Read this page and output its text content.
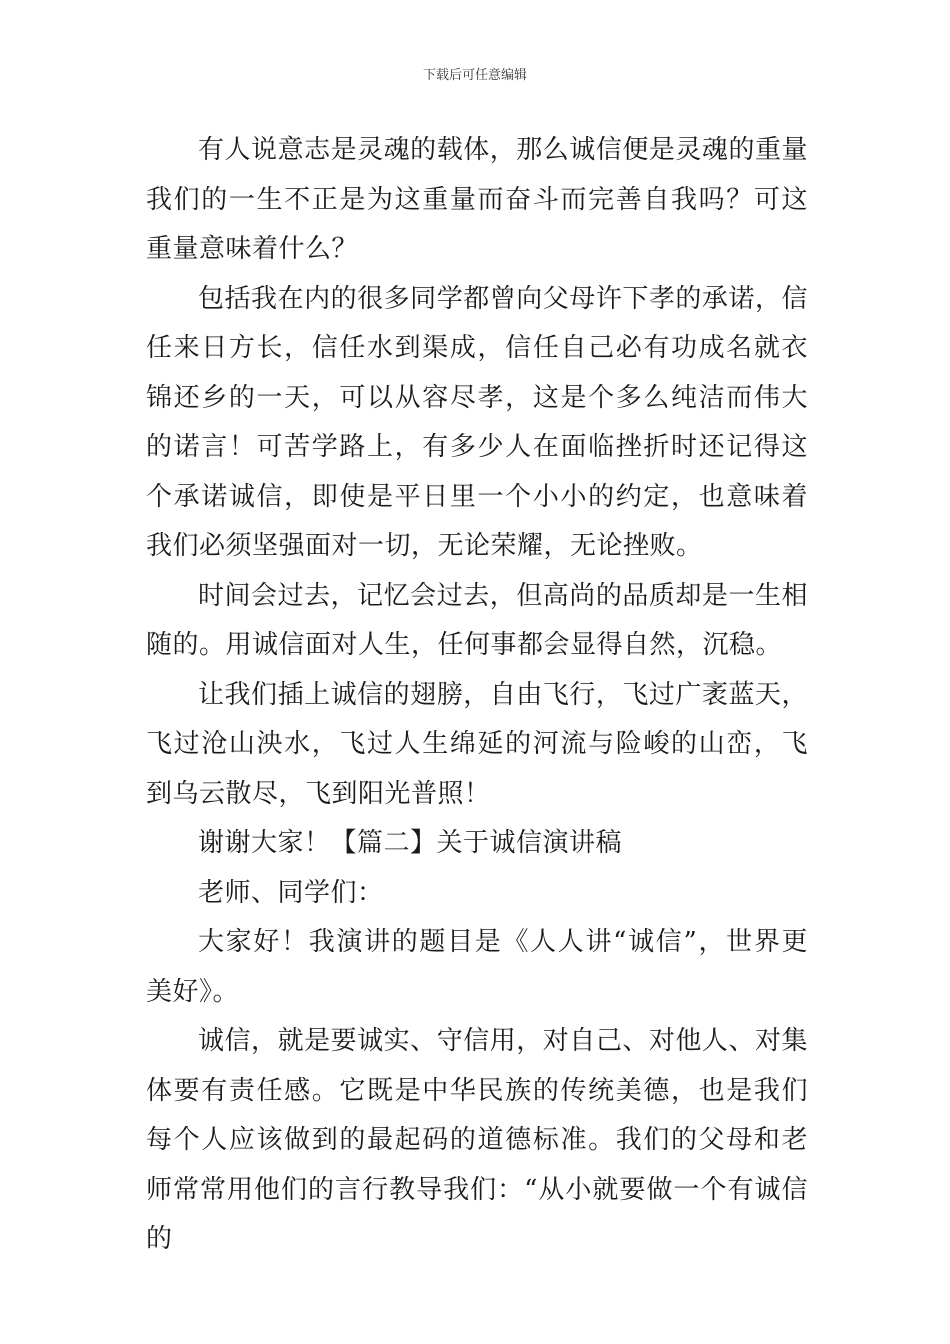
下载后可任意编辑

有人说意志是灵魂的载体，那么诚信便是灵魂的重量我们的一生不正是为这重量而奋斗而完善自我吗？可这重量意味着什么？

包括我在内的很多同学都曾向父母许下孝的承诺，信任来日方长，信任水到渠成，信任自己必有功成名就衣锦还乡的一天，可以从容尽孝，这是个多么纯洁而伟大的诺言！可苦学路上，有多少人在面临挫折时还记得这个承诺诚信，即使是平日里一个小小的约定，也意味着我们必须坚强面对一切，无论荣耀，无论挫败。

时间会过去，记忆会过去，但高尚的品质却是一生相随的。用诚信面对人生，任何事都会显得自然，沉稳。

让我们插上诚信的翅膀，自由飞行，飞过广袤蓝天，飞过沧山泱水，飞过人生绵延的河流与险峻的山峦，飞到乌云散尽，飞到阳光普照！

谢谢大家！【篇二】关于诚信演讲稿

老师、同学们：

大家好！我演讲的题目是《人人讲“诚信”，世界更美好》。

诚信，就是要诚实、守信用，对自己、对他人、对集体要有责任感。它既是中华民族的传统美德，也是我们每个人应该做到的最起码的道德标准。我们的父母和老师常常用他们的言行教导我们：“从小就要做一个有诚信的
